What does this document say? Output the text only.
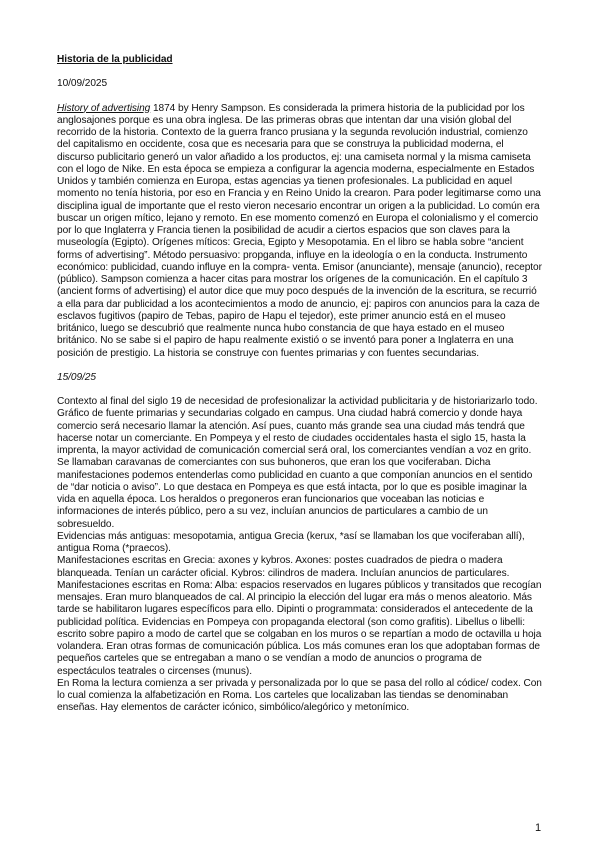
Historia de la publicidad

10/09/2025

History of advertising 1874 by Henry Sampson. Es considerada la primera historia de la publicidad por los anglosajones porque es una obra inglesa. De las primeras obras que intentan dar una visión global del recorrido de la historia. Contexto de la guerra franco prusiana y la segunda revolución industrial, comienzo del capitalismo en occidente, cosa que es necesaria para que se construya la publicidad moderna, el discurso publicitario generó un valor añadido a los productos, ej: una camiseta normal y la misma camiseta con el logo de Nike. En esta época se empieza a configurar la agencia moderna, especialmente en Estados Unidos y también comienza en Europa, estas agencias ya tienen profesionales. La publicidad en aquel momento no tenía historia, por eso en Francia y en Reino Unido la crearon. Para poder legitimarse como una disciplina igual de importante que el resto vieron necesario encontrar un origen a la publicidad. Lo común era buscar un origen mítico, lejano y remoto. En ese momento comenzó en Europa el colonialismo y el comercio por lo que Inglaterra y Francia tienen la posibilidad de acudir a ciertos espacios que son claves para la museología (Egipto). Orígenes míticos: Grecia, Egipto y Mesopotamia. En el libro se habla sobre “ancient forms of advertising”. Método persuasivo: propganda, influye en la ideología o en la conducta. Instrumento económico: publicidad, cuando influye en la compra- venta. Emisor (anunciante), mensaje (anuncio), receptor (público). Sampson comienza a hacer citas para mostrar los orígenes de la comunicación. En el capítulo 3 (ancient forms of advertising) el autor dice que muy poco después de la invención de la escritura, se recurrió a ella para dar publicidad a los acontecimientos a modo de anuncio, ej: papiros con anuncios para la caza de esclavos fugitivos (papiro de Tebas, papiro de Hapu el tejedor), este primer anuncio está en el museo británico, luego se descubrió que realmente nunca hubo constancia de que haya estado en el museo británico. No se sabe si el papiro de hapu realmente existió o se inventó para poner a Inglaterra en una posición de prestigio. La historia se construye con fuentes primarias y con fuentes secundarias.

15/09/25

Contexto al final del siglo 19 de necesidad de profesionalizar la actividad publicitaria y de historiarizarlo todo. Gráfico de fuente primarias y secundarias colgado en campus. Una ciudad habrá comercio y donde haya comercio será necesario llamar la atención. Así pues, cuanto más grande sea una ciudad más tendrá que hacerse notar un comerciante. En Pompeya y el resto de ciudades occidentales hasta el siglo 15, hasta la imprenta, la mayor actividad de comunicación comercial será oral, los comerciantes vendían a voz en grito. Se llamaban caravanas de comerciantes con sus buhoneros, que eran los que vociferaban. Dicha manifestaciones podemos entenderlas como publicidad en cuanto a que componían anuncios en el sentido de “dar noticia o aviso”. Lo que destaca en Pompeya es que está intacta, por lo que es posible imaginar la vida en aquella época. Los heraldos o pregoneros eran funcionarios que voceaban las noticias e informaciones de interés público, pero a su vez, incluían anuncios de particulares a cambio de un sobresueldo.

Evidencias más antiguas: mesopotamia, antigua Grecia (kerux, *así se llamaban los que vociferaban allí), antigua Roma (*praecos).

Manifestaciones escritas en Grecia: axones y kybros. Axones: postes cuadrados de piedra o madera blanqueada. Tenían un carácter oficial. Kybros: cilindros de madera. Incluían anuncios de particulares.

Manifestaciones escritas en Roma: Alba: espacios reservados en lugares públicos y transitados que recogían mensajes. Eran muro blanqueados de cal. Al principio la elección del lugar era más o menos aleatorio. Más tarde se habilitaron lugares específicos para ello. Dipinti o programmata: considerados el antecedente de la publicidad política. Evidencias en Pompeya con propaganda electoral (son como grafitis). Libellus o libelli: escrito sobre papiro a modo de cartel que se colgaban en los muros o se repartían a modo de octavilla u hoja volandera. Eran otras formas de comunicación pública. Los más comunes eran los que adoptaban formas de pequeños carteles que se entregaban a mano o se vendían a modo de anuncios o programa de espectáculos teatrales o circenses (munus).

En Roma la lectura comienza a ser privada y personalizada por lo que se pasa del rollo al códice/ codex. Con lo cual comienza la alfabetización en Roma. Los carteles que localizaban las tiendas se denominaban enseñas. Hay elementos de carácter icónico, simbólico/alegórico y metonímico.

1
